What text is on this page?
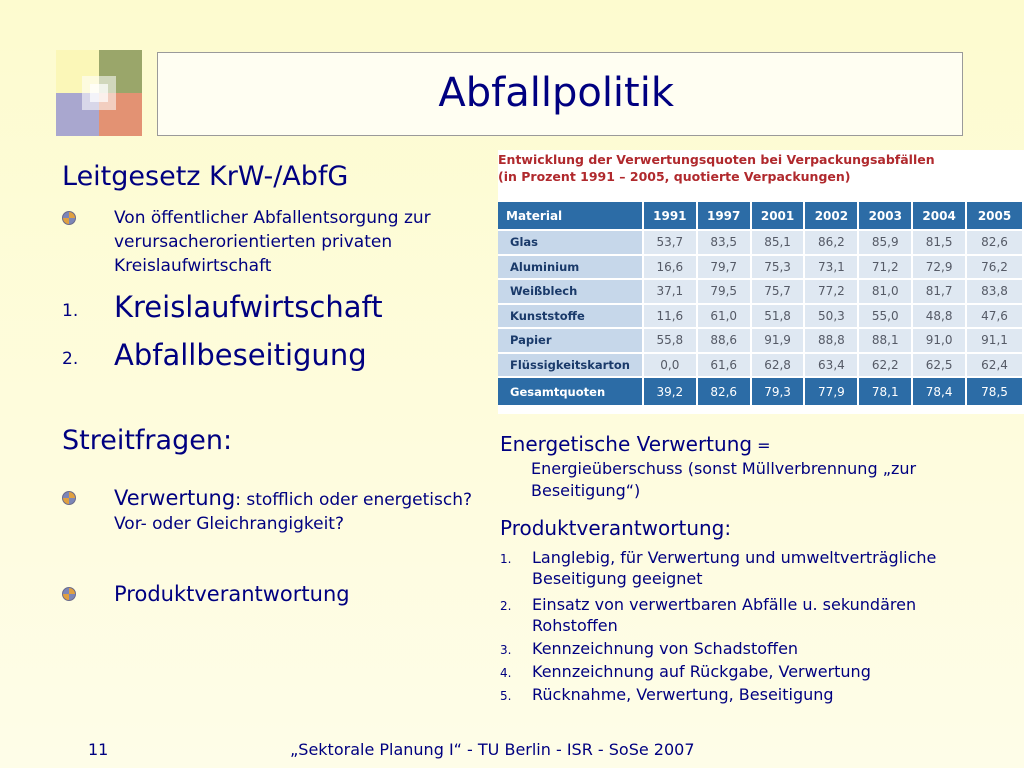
Abfallpolitik
Leitgesetz KrW-/AbfG
Von öffentlicher Abfallentsorgung zur verursacherorientierten privaten Kreislaufwirtschaft
1. Kreislaufwirtschaft
2. Abfallbeseitigung
Streitfragen:
Verwertung: stofflich oder energetisch? Vor- oder Gleichrangigkeit?
Produktverantwortung
Entwicklung der Verwertungsquoten bei Verpackungsabfällen
(in Prozent 1991 – 2005, quotierte Verpackungen)
Material	1991	1997	2001	2002	2003	2004	2005
Glas	53,7	83,5	85,1	86,2	85,9	81,5	82,6
Aluminium	16,6	79,7	75,3	73,1	71,2	72,9	76,2
Weißblech	37,1	79,5	75,7	77,2	81,0	81,7	83,8
Kunststoffe	11,6	61,0	51,8	50,3	55,0	48,8	47,6
Papier	55,8	88,6	91,9	88,8	88,1	91,0	91,1
Flüssigkeitskarton	0,0	61,6	62,8	63,4	62,2	62,5	62,4
Gesamtquoten	39,2	82,6	79,3	77,9	78,1	78,4	78,5
Energetische Verwertung =
Energieüberschuss (sonst Müllverbrennung „zur Beseitigung“)
Produktverantwortung:
1. Langlebig, für Verwertung und umweltverträgliche Beseitigung geeignet
2. Einsatz von verwertbaren Abfälle u. sekundären Rohstoffen
3. Kennzeichnung von Schadstoffen
4. Kennzeichnung auf Rückgabe, Verwertung
5. Rücknahme, Verwertung, Beseitigung
11	„Sektorale Planung I“ - TU Berlin - ISR - SoSe 2007
